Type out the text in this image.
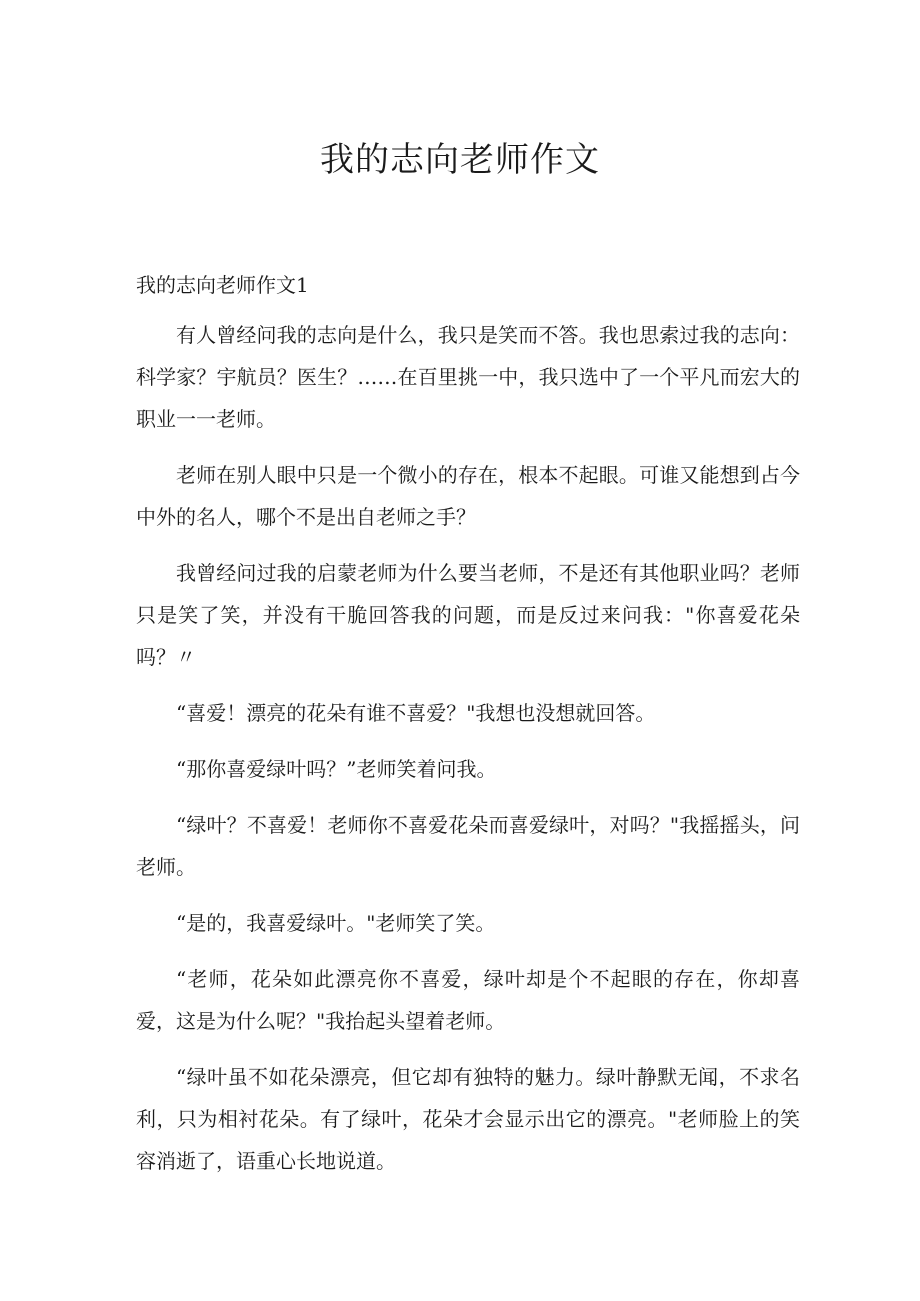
我的志向老师作文
我的志向老师作文1

有人曾经问我的志向是什么，我只是笑而不答。我也思索过我的志向：科学家？宇航员？医生？……在百里挑一中，我只选中了一个平凡而宏大的职业一一老师。

老师在别人眼中只是一个微小的存在，根本不起眼。可谁又能想到占今中外的名人，哪个不是出自老师之手？

我曾经问过我的启蒙老师为什么要当老师，不是还有其他职业吗？老师只是笑了笑，并没有干脆回答我的问题，而是反过来问我："你喜爱花朵吗？〃

“喜爱！漂亮的花朵有谁不喜爱？"我想也没想就回答。

“那你喜爱绿叶吗？”老师笑着问我。

“绿叶？不喜爱！老师你不喜爱花朵而喜爱绿叶，对吗？"我摇摇头，问老师。

“是的，我喜爱绿叶。"老师笑了笑。

“老师，花朵如此漂亮你不喜爱，绿叶却是个不起眼的存在，你却喜爱，这是为什么呢？"我抬起头望着老师。

“绿叶虽不如花朵漂亮，但它却有独特的魅力。绿叶静默无闻，不求名利，只为相衬花朵。有了绿叶，花朵才会显示出它的漂亮。"老师脸上的笑容消逝了，语重心长地说道。
